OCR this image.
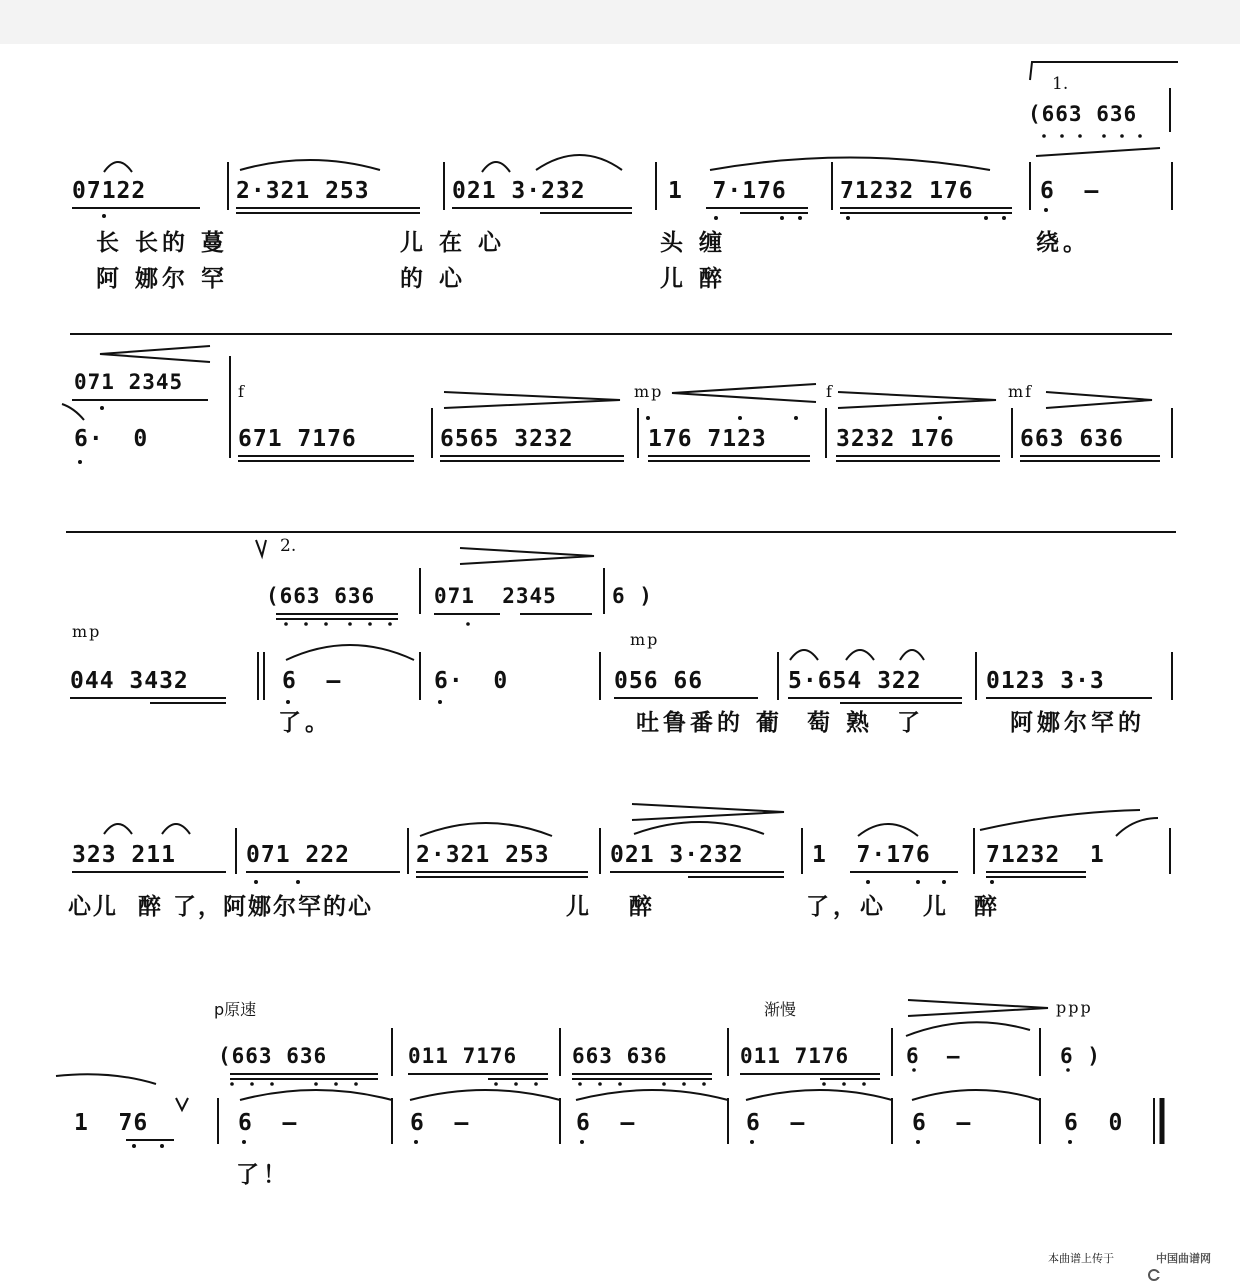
1.
(663 636
07122	2·321 253	021 3·232	1  7·176 71232 176	6  –
长 长的 蔓	儿 在 心	头 缠	绕。
阿 娜尔 罕	的 心	儿 醉
071 2345	f	mp	f	mf
6·  0	671 7176	6565 3232	176 7123	3232 176	663 636
2.
(663 636	071  2345	6 )
mp	mp
044 3432	6  –	6·  0	056 66	5·654 322	0123 3·3
了。	吐鲁番的 葡  萄 熟  了	阿娜尔罕的
323 211	071 222	2·321 253	021 3·232	1  7·176 71232  1
心儿  醉 了，阿娜尔罕的心	儿   醉	了，心   儿  醉
p原速	渐慢	ppp
(663 636	011 7176	663 636	011 7176	6  –	6 )
1  76	6  –	6  –	6  –	6  –	6  –	6  0
了！
本曲谱上传于

	中国曲谱网
